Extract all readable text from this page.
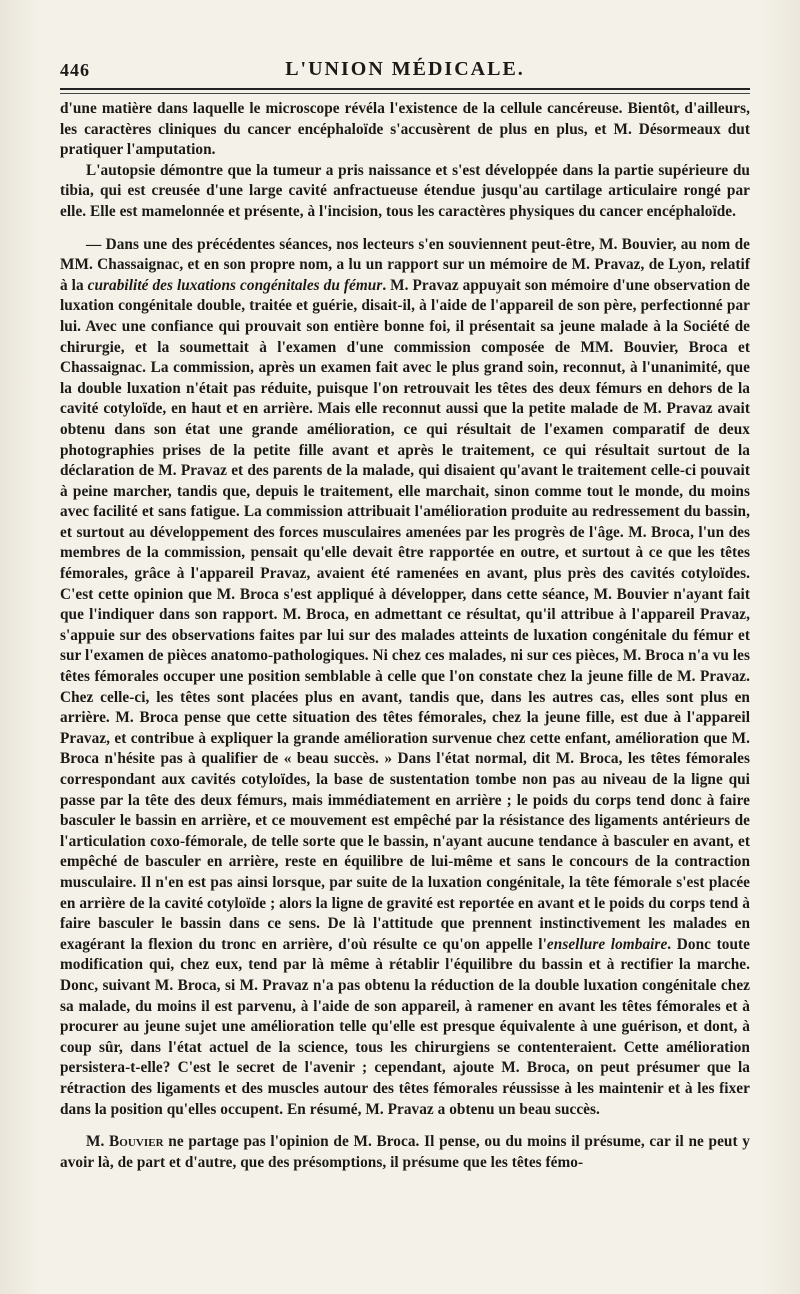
446	L'UNION MÉDICALE.

d'une matière dans laquelle le microscope révéla l'existence de la cellule cancéreuse. Bientôt, d'ailleurs, les caractères cliniques du cancer encéphaloïde s'accusèrent de plus en plus, et M. Désormeaux dut pratiquer l'amputation.

L'autopsie démontre que la tumeur a pris naissance et s'est développée dans la partie supérieure du tibia, qui est creusée d'une large cavité anfractueuse étendue jusqu'au cartilage articulaire rongé par elle. Elle est mamelonnée et présente, à l'incision, tous les caractères physiques du cancer encéphaloïde.

— Dans une des précédentes séances, nos lecteurs s'en souviennent peut-être, M. Bouvier, au nom de MM. Chassaignac, et en son propre nom, a lu un rapport sur un mémoire de M. Pravaz, de Lyon, relatif à la curabilité des luxations congénitales du fémur. M. Pravaz appuyait son mémoire d'une observation de luxation congénitale double, traitée et guérie, disait-il, à l'aide de l'appareil de son père, perfectionné par lui. Avec une confiance qui prouvait son entière bonne foi, il présentait sa jeune malade à la Société de chirurgie, et la soumettait à l'examen d'une commission composée de MM. Bouvier, Broca et Chassaignac. La commission, après un examen fait avec le plus grand soin, reconnut, à l'unanimité, que la double luxation n'était pas réduite, puisque l'on retrouvait les têtes des deux fémurs en dehors de la cavité cotyloïde, en haut et en arrière. Mais elle reconnut aussi que la petite malade de M. Pravaz avait obtenu dans son état une grande amélioration, ce qui résultait de l'examen comparatif de deux photographies prises de la petite fille avant et après le traitement, ce qui résultait surtout de la déclaration de M. Pravaz et des parents de la malade, qui disaient qu'avant le traitement celle-ci pouvait à peine marcher, tandis que, depuis le traitement, elle marchait, sinon comme tout le monde, du moins avec facilité et sans fatigue. La commission attribuait l'amélioration produite au redressement du bassin, et surtout au développement des forces musculaires amenées par les progrès de l'âge. M. Broca, l'un des membres de la commission, pensait qu'elle devait être rapportée en outre, et surtout à ce que les têtes fémorales, grâce à l'appareil Pravaz, avaient été ramenées en avant, plus près des cavités cotyloïdes. C'est cette opinion que M. Broca s'est appliqué à développer, dans cette séance, M. Bouvier n'ayant fait que l'indiquer dans son rapport. M. Broca, en admettant ce résultat, qu'il attribue à l'appareil Pravaz, s'appuie sur des observations faites par lui sur des malades atteints de luxation congénitale du fémur et sur l'examen de pièces anatomo-pathologiques. Ni chez ces malades, ni sur ces pièces, M. Broca n'a vu les têtes fémorales occuper une position semblable à celle que l'on constate chez la jeune fille de M. Pravaz. Chez celle-ci, les têtes sont placées plus en avant, tandis que, dans les autres cas, elles sont plus en arrière. M. Broca pense que cette situation des têtes fémorales, chez la jeune fille, est due à l'appareil Pravaz, et contribue à expliquer la grande amélioration survenue chez cette enfant, amélioration que M. Broca n'hésite pas à qualifier de « beau succès. » Dans l'état normal, dit M. Broca, les têtes fémorales correspondant aux cavités cotyloïdes, la base de sustentation tombe non pas au niveau de la ligne qui passe par la tête des deux fémurs, mais immédiatement en arrière ; le poids du corps tend donc à faire basculer le bassin en arrière, et ce mouvement est empêché par la résistance des ligaments antérieurs de l'articulation coxo-fémorale, de telle sorte que le bassin, n'ayant aucune tendance à basculer en avant, et empêché de basculer en arrière, reste en équilibre de lui-même et sans le concours de la contraction musculaire. Il n'en est pas ainsi lorsque, par suite de la luxation congénitale, la tête fémorale s'est placée en arrière de la cavité cotyloïde ; alors la ligne de gravité est reportée en avant et le poids du corps tend à faire basculer le bassin dans ce sens. De là l'attitude que prennent instinctivement les malades en exagérant la flexion du tronc en arrière, d'où résulte ce qu'on appelle l'ensellure lombaire. Donc toute modification qui, chez eux, tend par là même à rétablir l'équilibre du bassin et à rectifier la marche. Donc, suivant M. Broca, si M. Pravaz n'a pas obtenu la réduction de la double luxation congénitale chez sa malade, du moins il est parvenu, à l'aide de son appareil, à ramener en avant les têtes fémorales et à procurer au jeune sujet une amélioration telle qu'elle est presque équivalente à une guérison, et dont, à coup sûr, dans l'état actuel de la science, tous les chirurgiens se contenteraient. Cette amélioration persistera-t-elle? C'est le secret de l'avenir ; cependant, ajoute M. Broca, on peut présumer que la rétraction des ligaments et des muscles autour des têtes fémorales réussisse à les maintenir et à les fixer dans la position qu'elles occupent. En résumé, M. Pravaz a obtenu un beau succès.

M. Bouvier ne partage pas l'opinion de M. Broca. Il pense, ou du moins il présume, car il ne peut y avoir là, de part et d'autre, que des présomptions, il présume que les têtes fémo-
